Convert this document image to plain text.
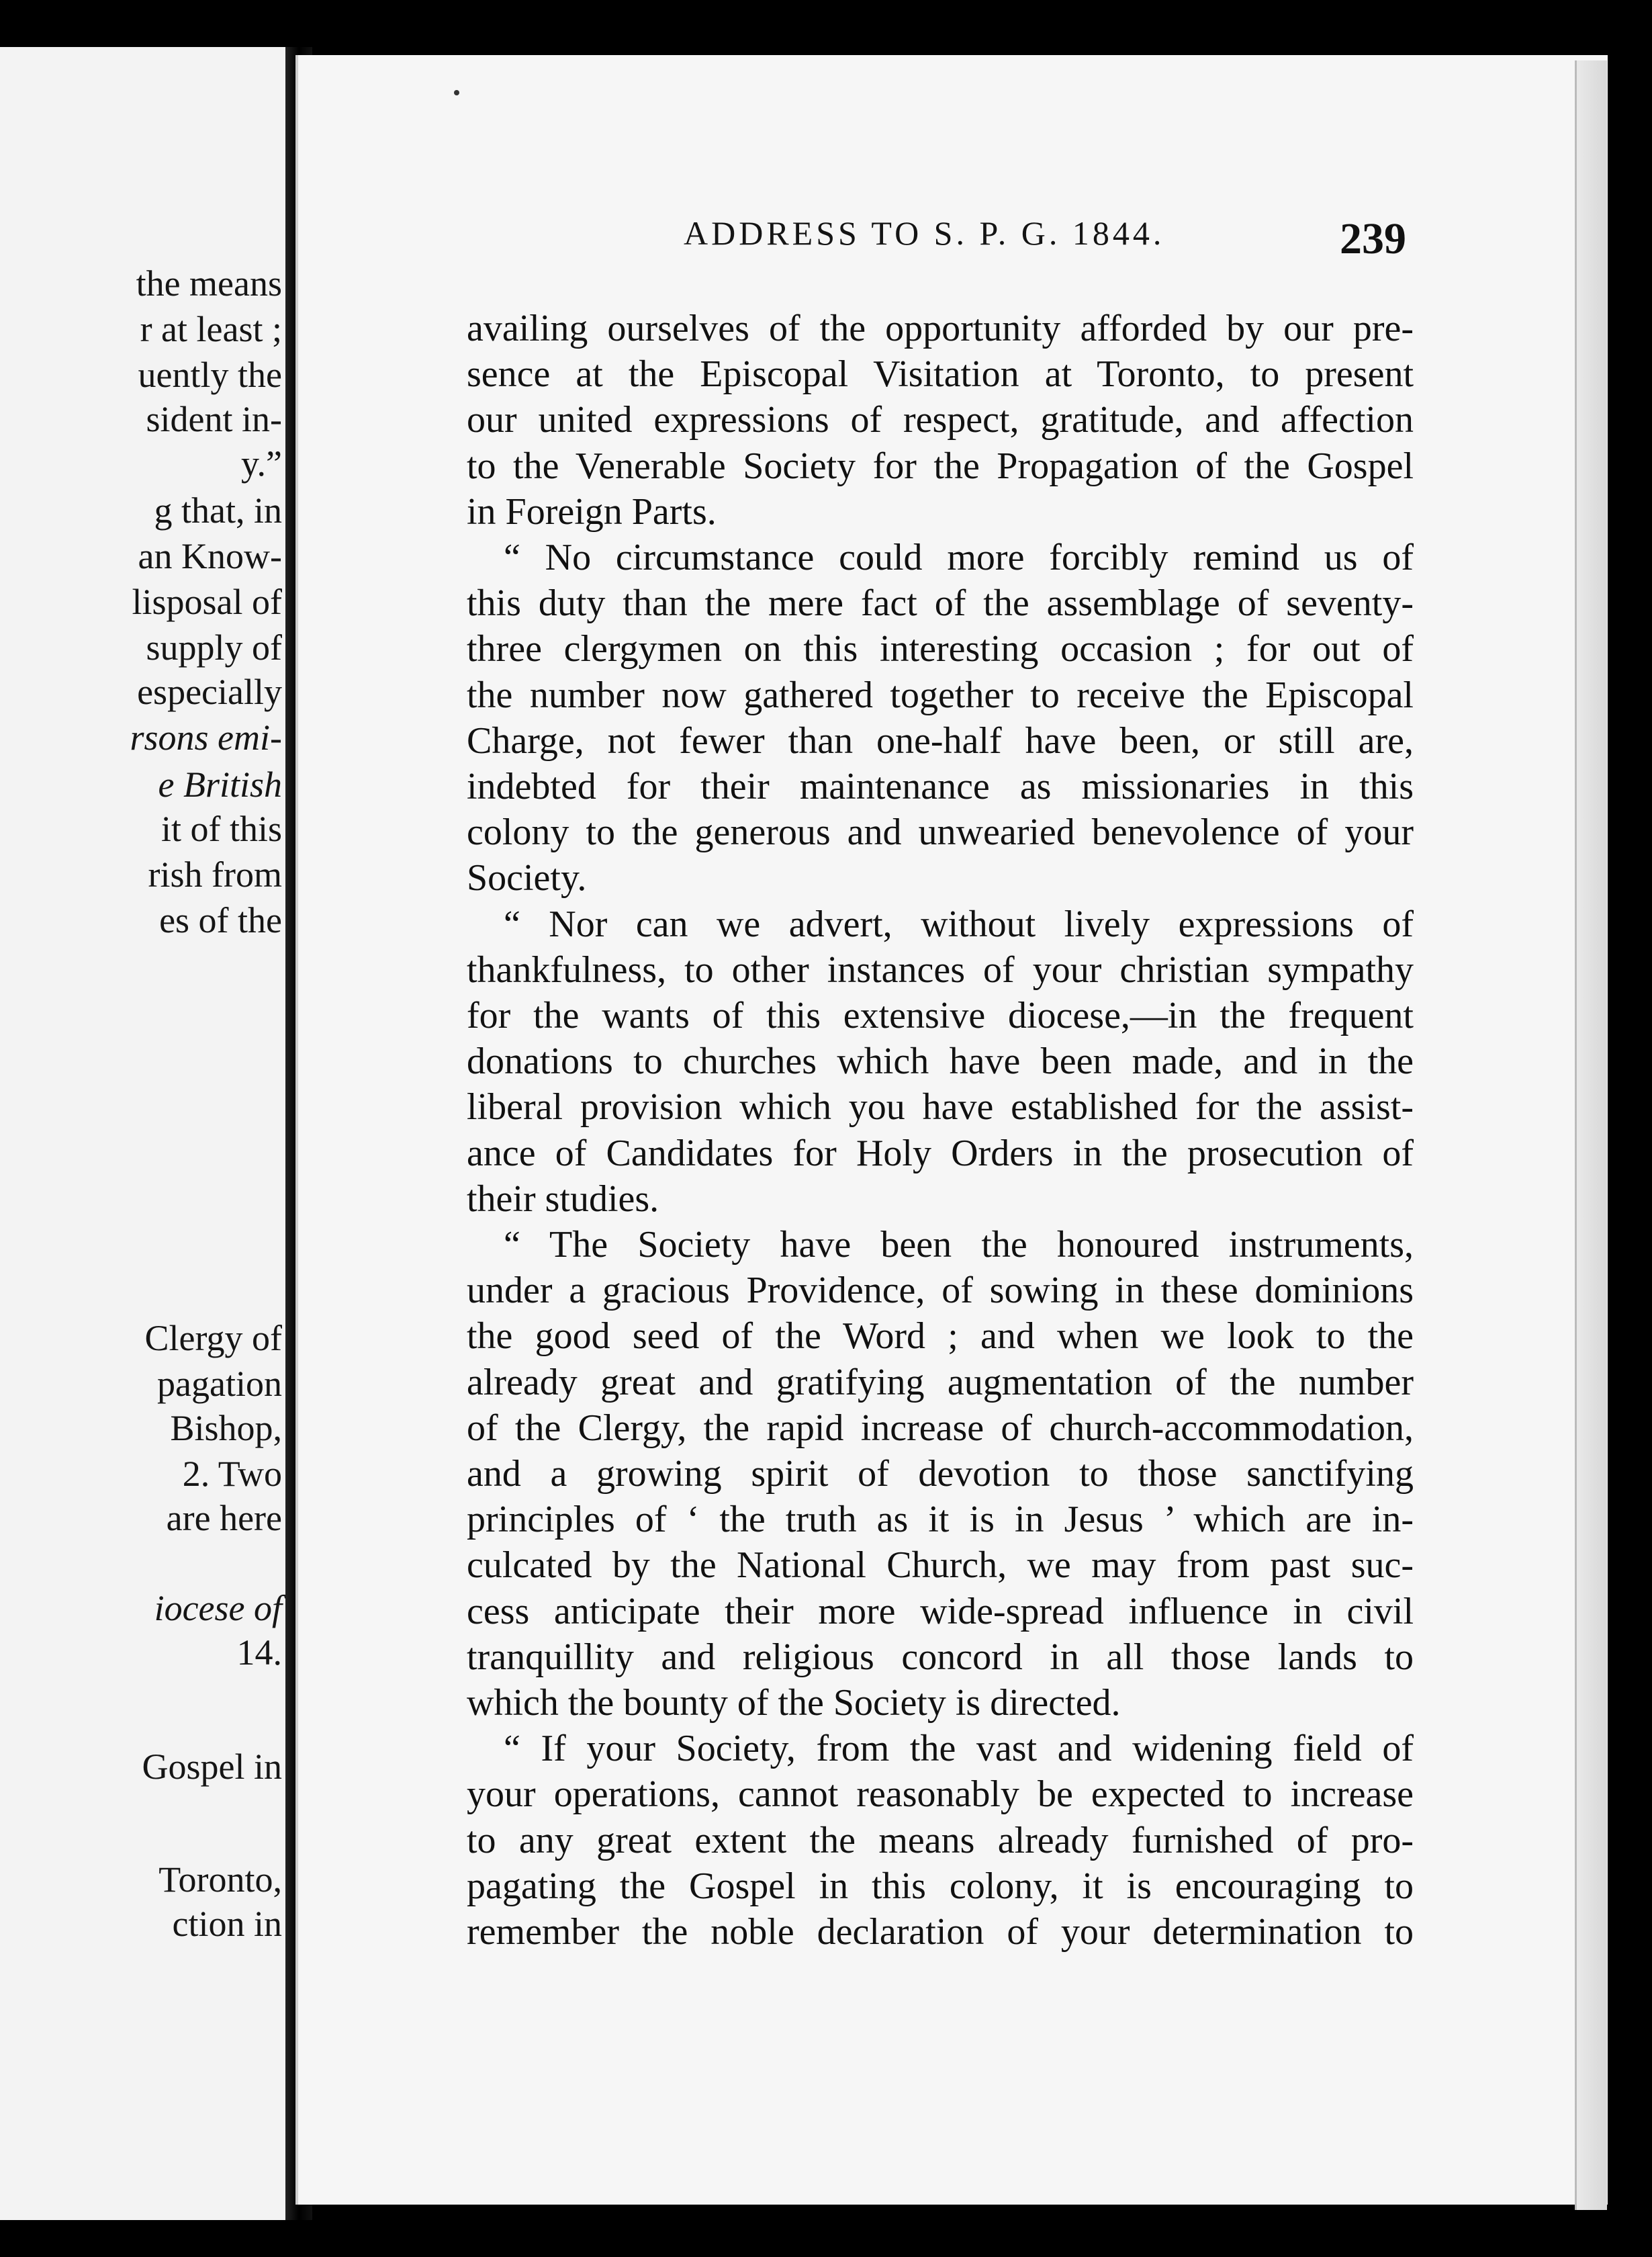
the means
r at least ;
uently the
sident in-
y.”
g that, in
an Know-
lisposal of
supply of
especially
rsons emi-
e British
it of this
rish from
es of the
Clergy of
pagation
Bishop,
2. Two
are here
iocese of
14.
Gospel in
Toronto,
ction in
ADDRESS TO S. P. G. 1844.	239
availing ourselves of the opportunity afforded by our pre-
sence at the Episcopal Visitation at Toronto, to present
our united expressions of respect, gratitude, and affection
to the Venerable Society for the Propagation of the Gospel
in Foreign Parts.
“ No circumstance could more forcibly remind us of
this duty than the mere fact of the assemblage of seventy-
three clergymen on this interesting occasion ; for out of
the number now gathered together to receive the Episcopal
Charge, not fewer than one-half have been, or still are,
indebted for their maintenance as missionaries in this
colony to the generous and unwearied benevolence of your
Society.
“ Nor can we advert, without lively expressions of
thankfulness, to other instances of your christian sympathy
for the wants of this extensive diocese,—in the frequent
donations to churches which have been made, and in the
liberal provision which you have established for the assist-
ance of Candidates for Holy Orders in the prosecution of
their studies.
“ The Society have been the honoured instruments,
under a gracious Providence, of sowing in these dominions
the good seed of the Word ; and when we look to the
already great and gratifying augmentation of the number
of the Clergy, the rapid increase of church-accommodation,
and a growing spirit of devotion to those sanctifying
principles of ‘ the truth as it is in Jesus ’ which are in-
culcated by the National Church, we may from past suc-
cess anticipate their more wide-spread influence in civil
tranquillity and religious concord in all those lands to
which the bounty of the Society is directed.
“ If your Society, from the vast and widening field of
your operations, cannot reasonably be expected to increase
to any great extent the means already furnished of pro-
pagating the Gospel in this colony, it is encouraging to
remember the noble declaration of your determination to
